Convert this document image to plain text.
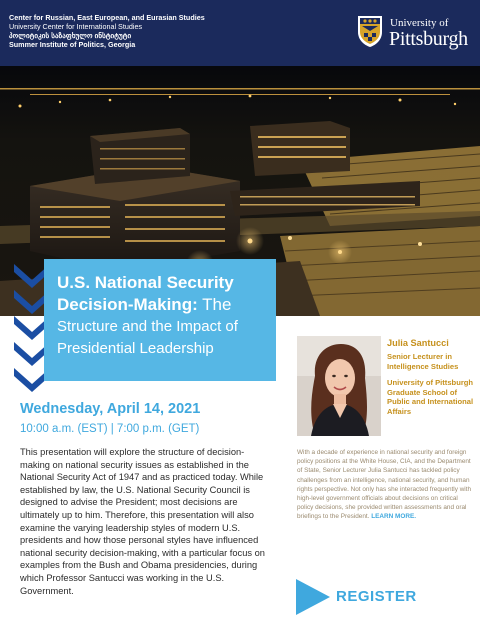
Center for Russian, East European, and Eurasian Studies
University Center for International Studies
პოლიტიკის საზაფხულო ინსტიტუტი
Summer Institute of Politics, Georgia
University of
Pittsburgh
U.S. National Security Decision-Making: The
Structure and the Impact of Presidential Leadership
Wednesday, April 14, 2021
10:00 a.m. (EST) | 7:00 p.m. (GET)
This presentation will explore the structure of decision-making on national security issues as established in the National Security Act of 1947 and as practiced today. While established by law, the U.S. National Security Council is designed to advise the President; most decisions are ultimately up to him. Therefore, this presentation will also examine the varying leadership styles of modern U.S. presidents and how those personal styles have influenced national security decision-making, with a particular focus on examples from the Bush and Obama presidencies, during which Professor Santucci was working in the U.S. Government.
Julia Santucci
Senior Lecturer in Intelligence Studies
University of Pittsburgh Graduate School of Public and International Affairs
With a decade of experience in national security and foreign policy positions at the White House, CIA, and the Department of State, Senior Lecturer Julia Santucci has tackled policy challenges from an intelligence, national security, and human rights perspective. Not only has she interacted frequently with high-level government officials about decisions on critical policy decisions, she provided written assessments and oral briefings to the President. LEARN MORE.
REGISTER
